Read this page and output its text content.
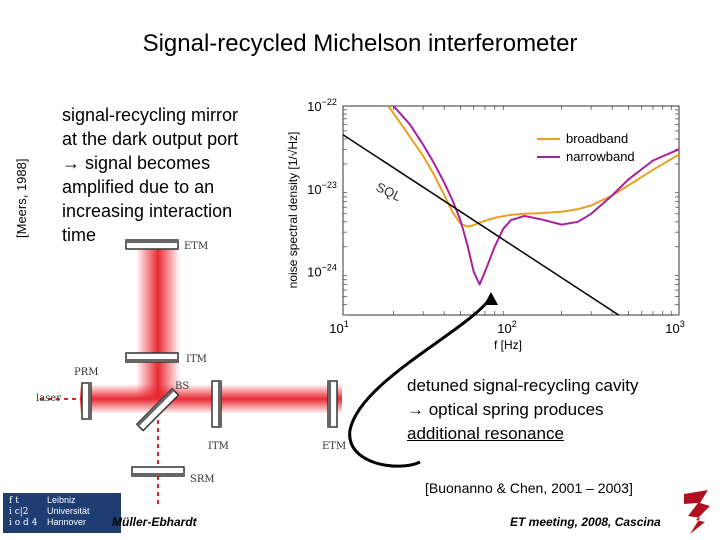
Signal-recycled Michelson interferometer
[Meers, 1988]
signal-recycling mirror
at the dark output port
→ signal becomes
amplified due to an
increasing interaction
time
ETM
ITM
PRM
BS
laser
ITM	ETM
SRM
$10^1$	$10^2$	$10^3$
$10^{-22}$
$10^{-23}$
$10^{-24}$
SQL
broadband
narrowband
f [Hz]
noise spectral density [1/√Hz]
detuned signal-recycling cavity
→ optical spring produces
additional resonance
[Buonanno & Chen, 2001 – 2003]
f t
i c|2
i o d 4
Leibniz
Universität
Hannover Müller-Ebhardt	ET meeting, 2008, Cascina
